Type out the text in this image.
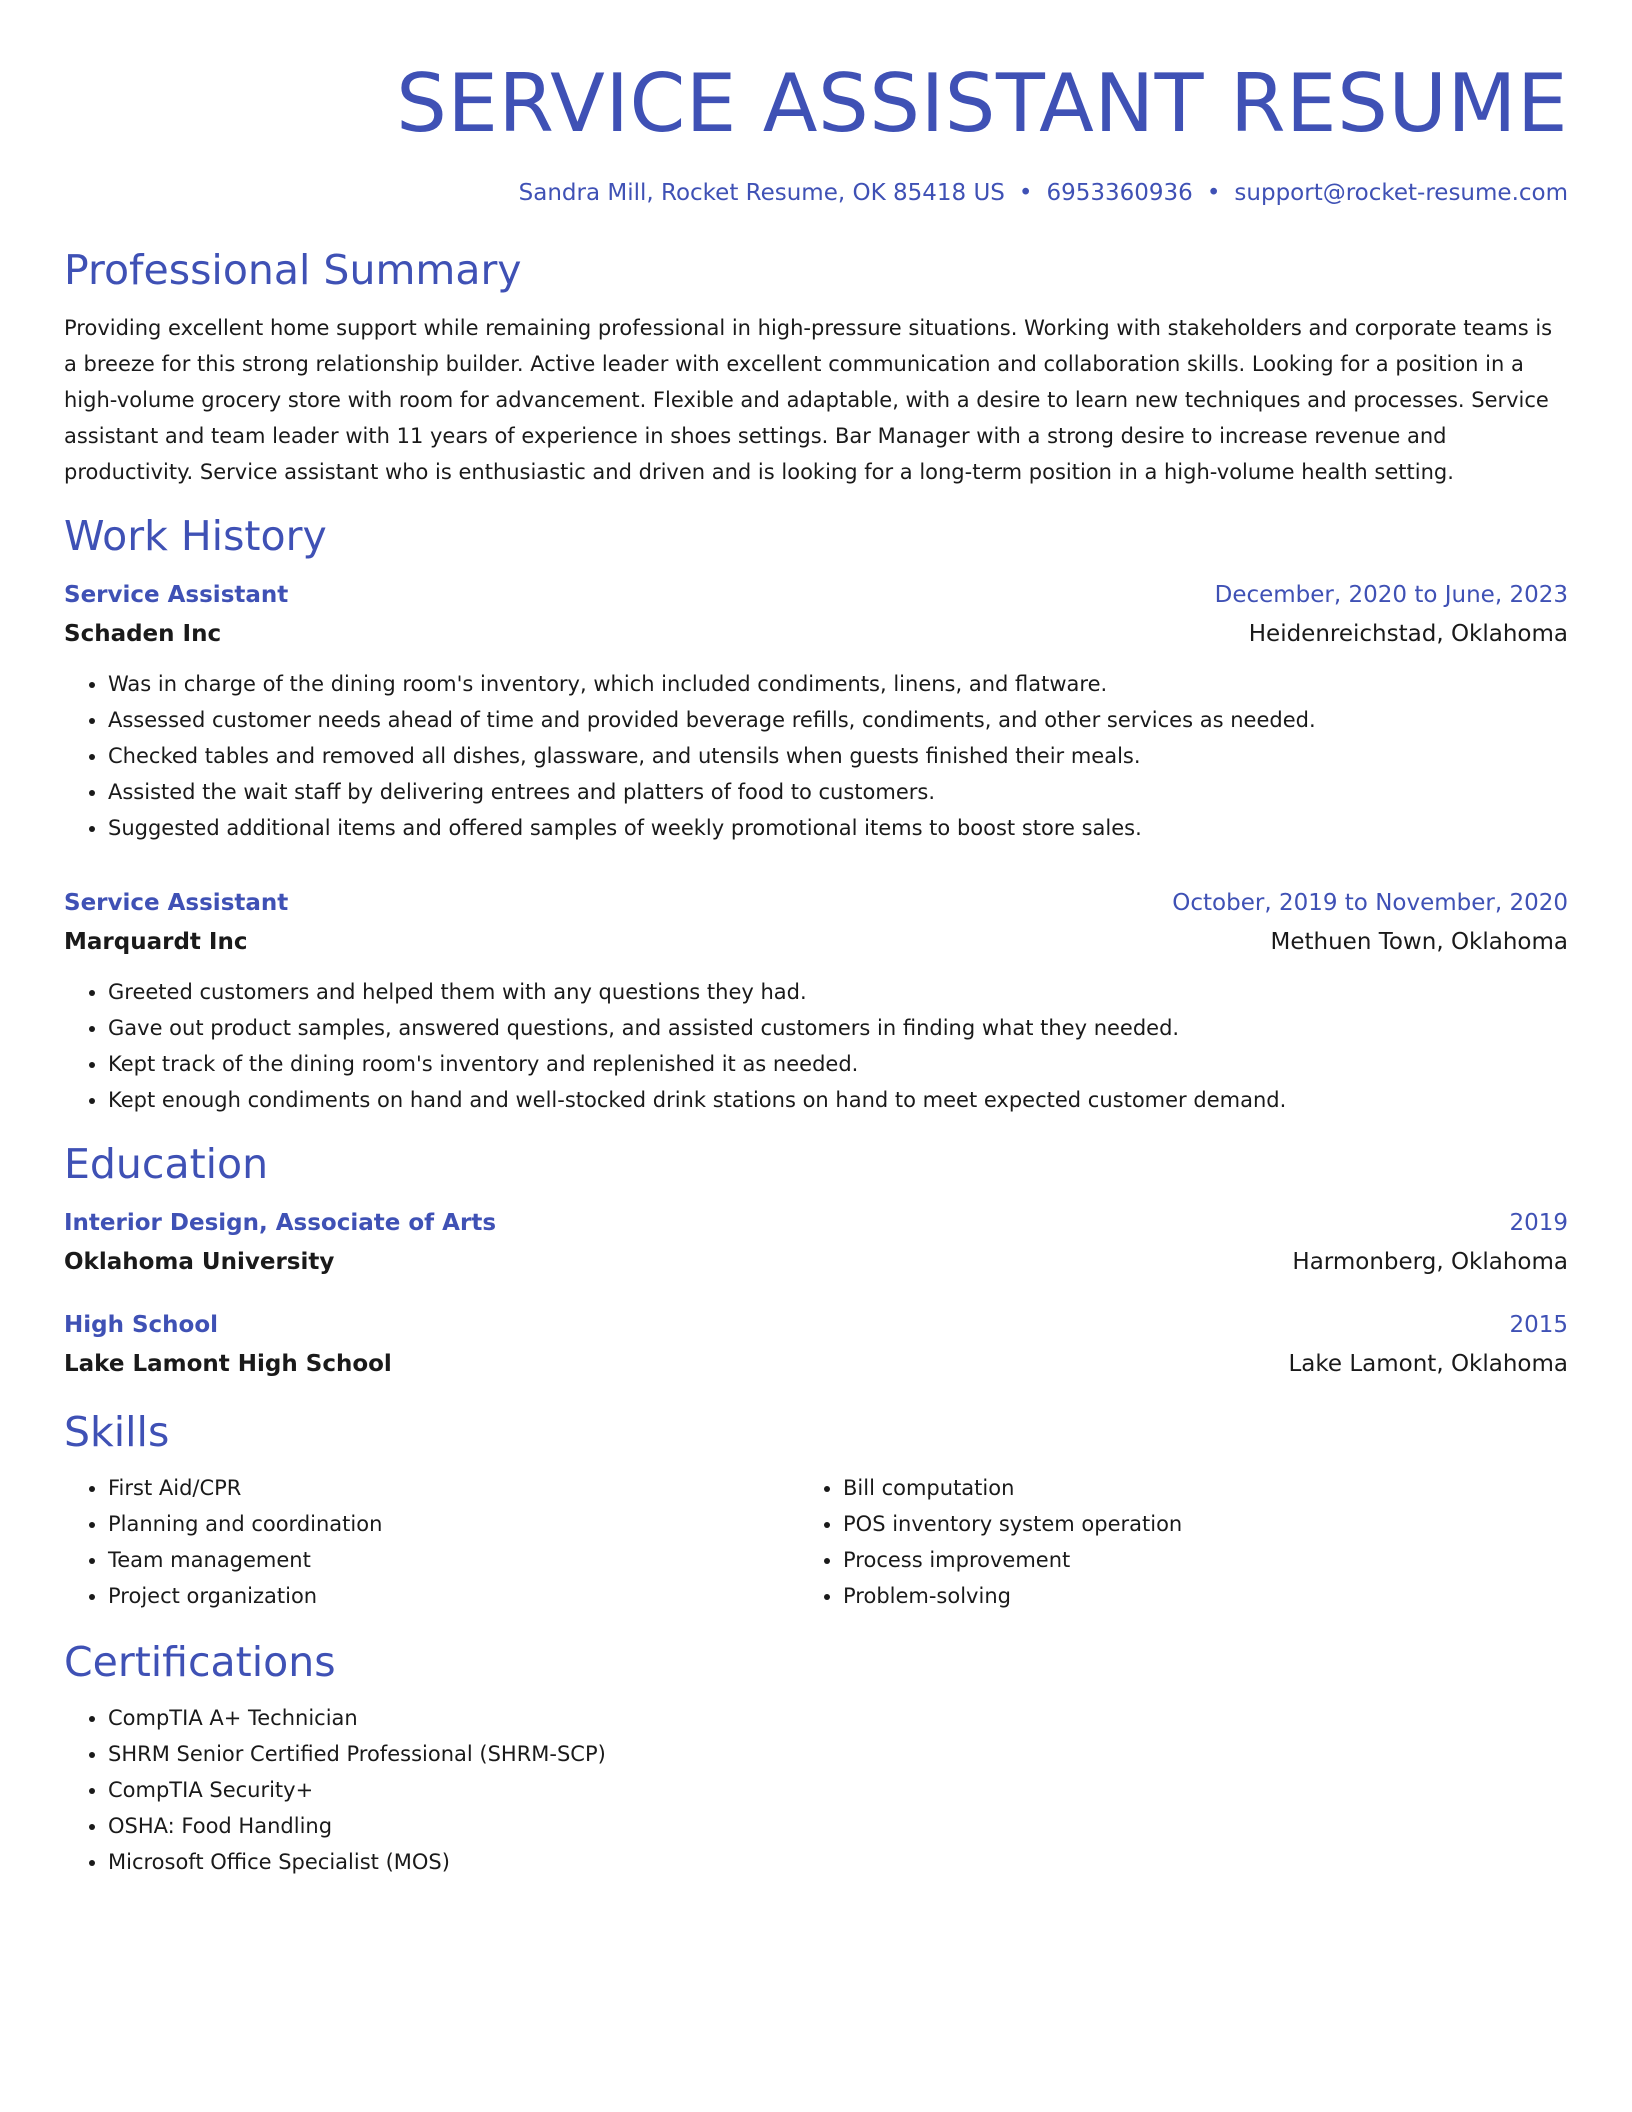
SERVICE ASSISTANT RESUME
Sandra Mill, Rocket Resume, OK 85418 US • 6953360936 • support@rocket-resume.com
Professional Summary

Providing excellent home support while remaining professional in high-pressure situations. Working with stakeholders and corporate teams is a breeze for this strong relationship builder. Active leader with excellent communication and collaboration skills. Looking for a position in a high-volume grocery store with room for advancement. Flexible and adaptable, with a desire to learn new techniques and processes. Service assistant and team leader with 11 years of experience in shoes settings. Bar Manager with a strong desire to increase revenue and productivity. Service assistant who is enthusiastic and driven and is looking for a long-term position in a high-volume health setting.

Work History
Service Assistant	December, 2020 to June, 2023
Schaden Inc	Heidenreichstad, Oklahoma
• Was in charge of the dining room's inventory, which included condiments, linens, and flatware.
• Assessed customer needs ahead of time and provided beverage refills, condiments, and other services as needed.
• Checked tables and removed all dishes, glassware, and utensils when guests finished their meals.
• Assisted the wait staff by delivering entrees and platters of food to customers.
• Suggested additional items and offered samples of weekly promotional items to boost store sales.
Service Assistant	October, 2019 to November, 2020
Marquardt Inc	Methuen Town, Oklahoma
• Greeted customers and helped them with any questions they had.
• Gave out product samples, answered questions, and assisted customers in finding what they needed.
• Kept track of the dining room's inventory and replenished it as needed.
• Kept enough condiments on hand and well-stocked drink stations on hand to meet expected customer demand.
Education
Interior Design, Associate of Arts	2019
Oklahoma University	Harmonberg, Oklahoma
High School	2015
Lake Lamont High School	Lake Lamont, Oklahoma
Skills
• First Aid/CPR
• Planning and coordination
• Team management
• Project organization
• Bill computation
• POS inventory system operation
• Process improvement
• Problem-solving
Certifications
• CompTIA A+ Technician
• SHRM Senior Certified Professional (SHRM-SCP)
• CompTIA Security+
• OSHA: Food Handling
• Microsoft Office Specialist (MOS)
